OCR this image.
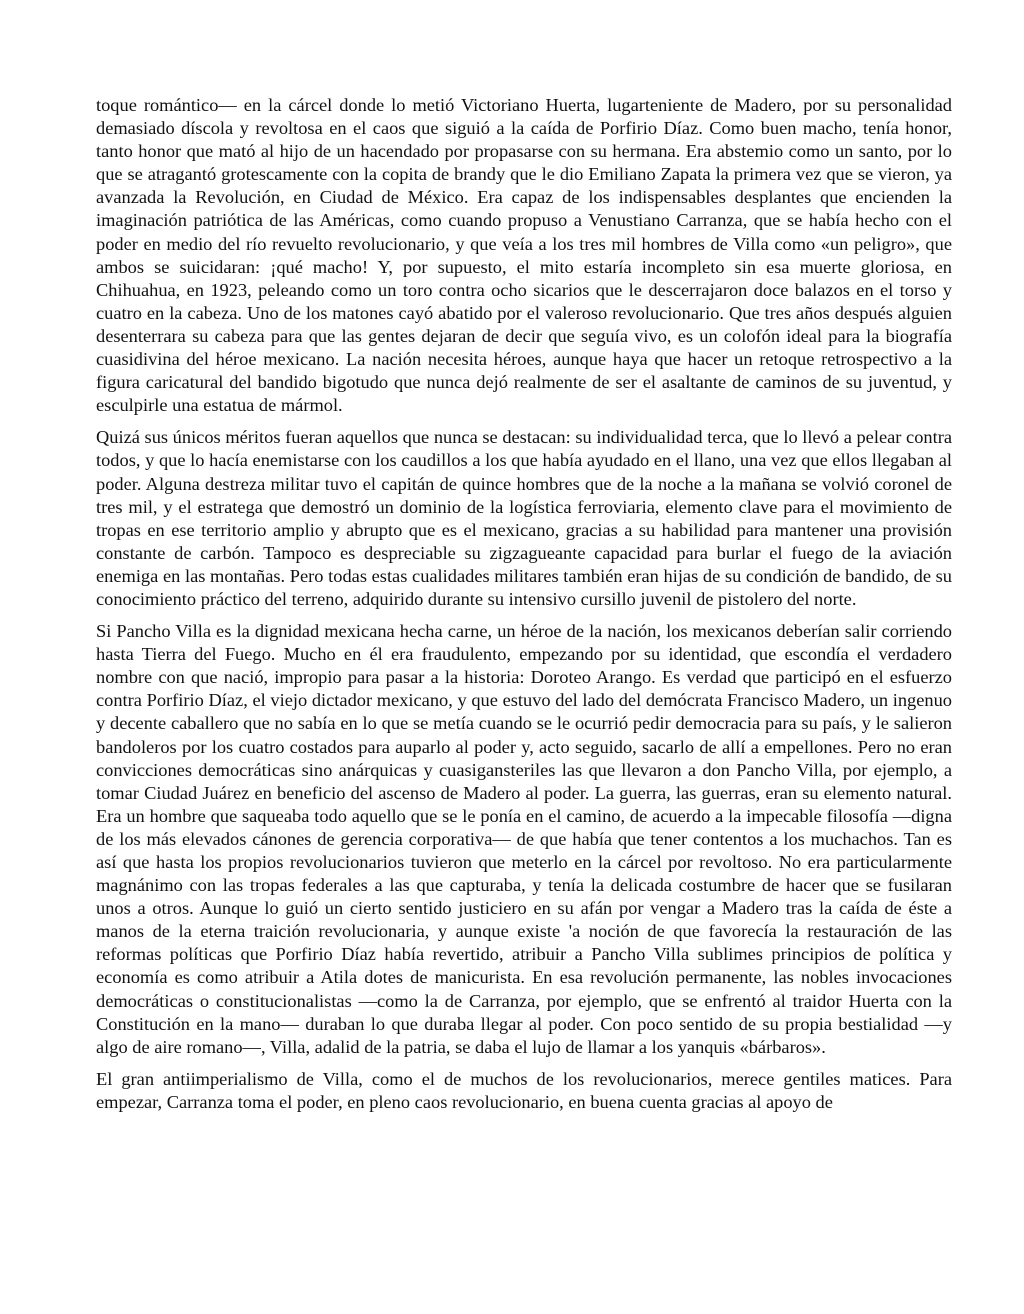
toque romántico— en la cárcel donde lo metió Victoriano Huerta, lugarteniente de Madero, por su personalidad demasiado díscola y revoltosa en el caos que siguió a la caída de Porfirio Díaz. Como buen macho, tenía honor, tanto honor que mató al hijo de un hacendado por propasarse con su hermana. Era abstemio como un santo, por lo que se atragantó grotescamente con la copita de brandy que le dio Emiliano Zapata la primera vez que se vieron, ya avanzada la Revolución, en Ciudad de México. Era capaz de los indispensables desplantes que encienden la imaginación patriótica de las Américas, como cuando propuso a Venustiano Carranza, que se había hecho con el poder en medio del río revuelto revolucionario, y que veía a los tres mil hombres de Villa como «un peligro», que ambos se suicidaran: ¡qué macho! Y, por supuesto, el mito estaría incompleto sin esa muerte gloriosa, en Chihuahua, en 1923, peleando como un toro contra ocho sicarios que le descerrajaron doce balazos en el torso y cuatro en la cabeza. Uno de los matones cayó abatido por el valeroso revolucionario. Que tres años después alguien desenterrara su cabeza para que las gentes dejaran de decir que seguía vivo, es un colofón ideal para la biografía cuasidivina del héroe mexicano. La nación necesita héroes, aunque haya que hacer un retoque retrospectivo a la figura caricatural del bandido bigotudo que nunca dejó realmente de ser el asaltante de caminos de su juventud, y esculpirle una estatua de mármol.

Quizá sus únicos méritos fueran aquellos que nunca se destacan: su individualidad terca, que lo llevó a pelear contra todos, y que lo hacía enemistarse con los caudillos a los que había ayudado en el llano, una vez que ellos llegaban al poder. Alguna destreza militar tuvo el capitán de quince hombres que de la noche a la mañana se volvió coronel de tres mil, y el estratega que demostró un dominio de la logística ferroviaria, elemento clave para el movimiento de tropas en ese territorio amplio y abrupto que es el mexicano, gracias a su habilidad para mantener una provisión constante de carbón. Tampoco es despreciable su zigzagueante capacidad para burlar el fuego de la aviación enemiga en las montañas. Pero todas estas cualidades militares también eran hijas de su condición de bandido, de su conocimiento práctico del terreno, adquirido durante su intensivo cursillo juvenil de pistolero del norte.

Si Pancho Villa es la dignidad mexicana hecha carne, un héroe de la nación, los mexicanos deberían salir corriendo hasta Tierra del Fuego. Mucho en él era fraudulento, empezando por su identidad, que escondía el verdadero nombre con que nació, impropio para pasar a la historia: Doroteo Arango. Es verdad que participó en el esfuerzo contra Porfirio Díaz, el viejo dictador mexicano, y que estuvo del lado del demócrata Francisco Madero, un ingenuo y decente caballero que no sabía en lo que se metía cuando se le ocurrió pedir democracia para su país, y le salieron bandoleros por los cuatro costados para auparlo al poder y, acto seguido, sacarlo de allí a empellones. Pero no eran convicciones democráticas sino anárquicas y cuasigansteriles las que llevaron a don Pancho Villa, por ejemplo, a tomar Ciudad Juárez en beneficio del ascenso de Madero al poder. La guerra, las guerras, eran su elemento natural. Era un hombre que saqueaba todo aquello que se le ponía en el camino, de acuerdo a la impecable filosofía —digna de los más elevados cánones de gerencia corporativa— de que había que tener contentos a los muchachos. Tan es así que hasta los propios revolucionarios tuvieron que meterlo en la cárcel por revoltoso. No era particularmente magnánimo con las tropas federales a las que capturaba, y tenía la delicada costumbre de hacer que se fusilaran unos a otros. Aunque lo guió un cierto sentido justiciero en su afán por vengar a Madero tras la caída de éste a manos de la eterna traición revolucionaria, y aunque existe 'a noción de que favorecía la restauración de las reformas políticas que Porfirio Díaz había revertido, atribuir a Pancho Villa sublimes principios de política y economía es como atribuir a Atila dotes de manicurista. En esa revolución permanente, las nobles invocaciones democráticas o constitucionalistas —como la de Carranza, por ejemplo, que se enfrentó al traidor Huerta con la Constitución en la mano— duraban lo que duraba llegar al poder. Con poco sentido de su propia bestialidad —y algo de aire romano—, Villa, adalid de la patria, se daba el lujo de llamar a los yanquis «bárbaros».

El gran antiimperialismo de Villa, como el de muchos de los revolucionarios, merece gentiles matices. Para empezar, Carranza toma el poder, en pleno caos revolucionario, en buena cuenta gracias al apoyo de
